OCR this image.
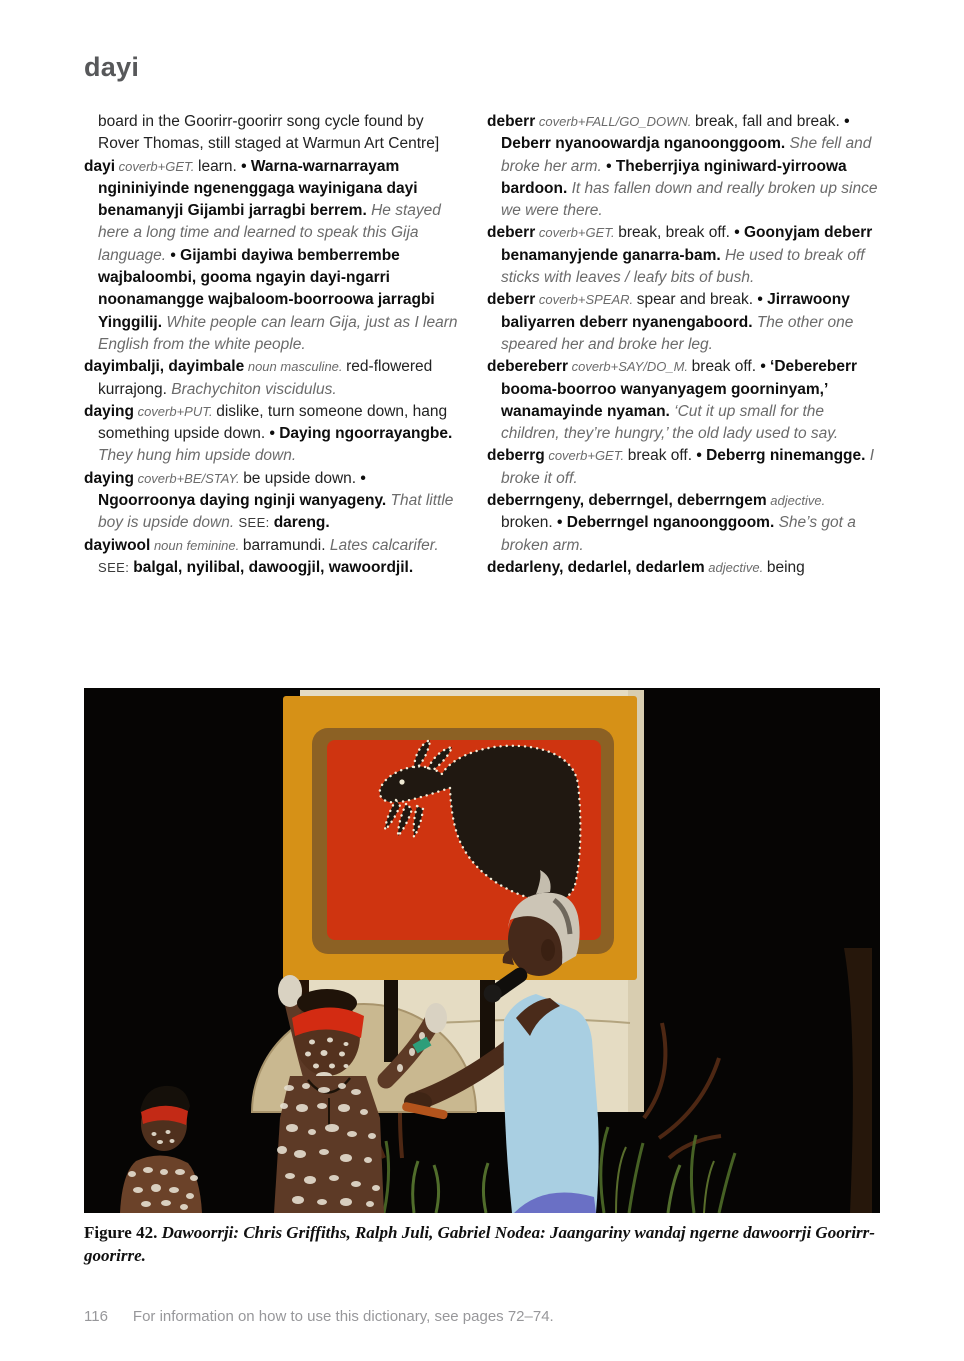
dayi

board in the Goorirr-goorirr song cycle found by Rover Thomas, still staged at Warmun Art Centre]

dayi coverb+GET. learn. • Warna-warnarrayam ngininiyinde ngenenggaga wayinigana dayi benamanyji Gijambi jarragbi berrem. He stayed here a long time and learned to speak this Gija language. • Gijambi dayiwa bemberrembe wajbaloombi, gooma ngayin dayi-ngarri noonamangge wajbaloom-boorroowa jarragbi Yinggilij. White people can learn Gija, just as I learn English from the white people.

dayimbalji, dayimbale noun masculine. red-flowered kurrajong. Brachychiton viscidulus.

daying coverb+PUT. dislike, turn someone down, hang something upside down. • Daying ngoorrayangbe. They hung him upside down.

daying coverb+BE/STAY. be upside down. • Ngoorroonya daying nginji wanyageny. That little boy is upside down. SEE: dareng.

dayiwool noun feminine. barramundi. Lates calcarifer. SEE: balgal, nyilibal, dawoogjil, wawoordjil.

deberr coverb+FALL/GO_DOWN. break, fall and break. • Deberr nyanoowardja nganoonggoom. She fell and broke her arm. • Theberrjiya nginiward-yirroowa bardoon. It has fallen down and really broken up since we were there.

deberr coverb+GET. break, break off. • Goonyjam deberr benamanyjende ganarra-bam. He used to break off sticks with leaves / leafy bits of bush.

deberr coverb+SPEAR. spear and break. • Jirrawoony baliyarren deberr nyanengaboord. The other one speared her and broke her leg.

debereberr coverb+SAY/DO_M. break off. • ‘Debereberr booma-boorroo wanyanyagem goorninyam,’ wanamayinde nyaman. ‘Cut it up small for the children, they’re hungry,’ the old lady used to say.

deberrg coverb+GET. break off. • Deberrg ninemangge. I broke it off.

deberrngeny, deberrngel, deberrngem adjective. broken. • Deberrngel nganoonggoom. She’s got a broken arm.

dedarleny, dedarlel, dedarlem adjective. being

Figure 42. Dawoorrji: Chris Griffiths, Ralph Juli, Gabriel Nodea: Jaangariny wandaj ngerne dawoorrji Goorirr-goorirre.
116 For information on how to use this dictionary, see pages 72–74.
